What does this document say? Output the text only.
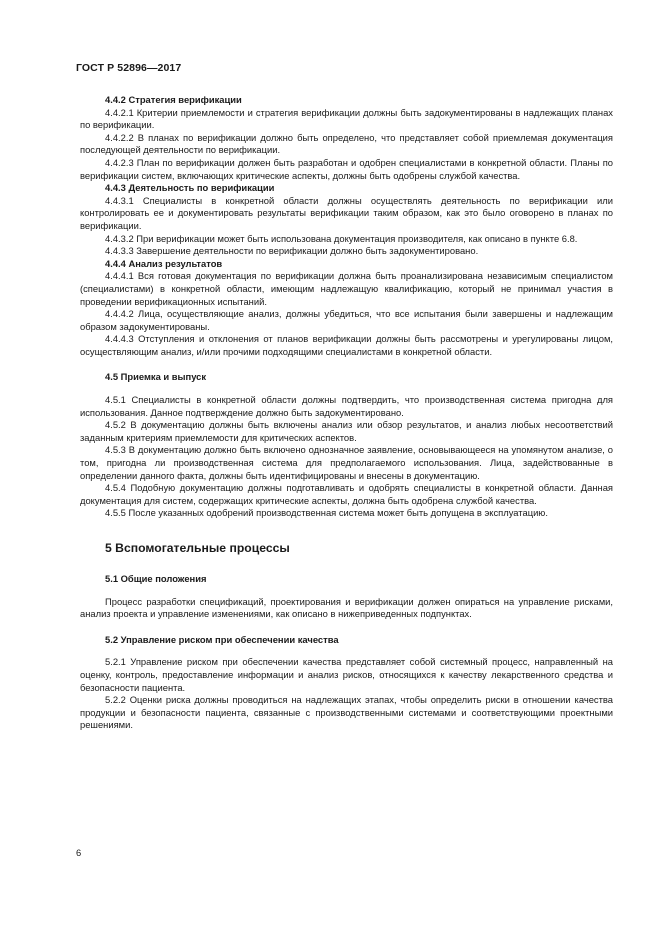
ГОСТ Р 52896—2017
4.4.2 Стратегия верификации
4.4.2.1 Критерии приемлемости и стратегия верификации должны быть задокументированы в надлежащих планах по верификации.
4.4.2.2 В планах по верификации должно быть определено, что представляет собой приемлемая документация последующей деятельности по верификации.
4.4.2.3 План по верификации должен быть разработан и одобрен специалистами в конкретной области. Планы по верификации систем, включающих критические аспекты, должны быть одобрены службой качества.
4.4.3 Деятельность по верификации
4.4.3.1 Специалисты в конкретной области должны осуществлять деятельность по верификации или контролировать ее и документировать результаты верификации таким образом, как это было оговорено в планах по верификации.
4.4.3.2 При верификации может быть использована документация производителя, как описано в пункте 6.8.
4.4.3.3 Завершение деятельности по верификации должно быть задокументировано.
4.4.4 Анализ результатов
4.4.4.1 Вся готовая документация по верификации должна быть проанализирована независимым специалистом (специалистами) в конкретной области, имеющим надлежащую квалификацию, который не принимал участия в проведении верификационных испытаний.
4.4.4.2 Лица, осуществляющие анализ, должны убедиться, что все испытания были завершены и надлежащим образом задокументированы.
4.4.4.3 Отступления и отклонения от планов верификации должны быть рассмотрены и урегулированы лицом, осуществляющим анализ, и/или прочими подходящими специалистами в конкретной области.
4.5 Приемка и выпуск
4.5.1 Специалисты в конкретной области должны подтвердить, что производственная система пригодна для использования. Данное подтверждение должно быть задокументировано.
4.5.2 В документацию должны быть включены анализ или обзор результатов, и анализ любых несоответствий заданным критериям приемлемости для критических аспектов.
4.5.3 В документацию должно быть включено однозначное заявление, основывающееся на упомянутом анализе, о том, пригодна ли производственная система для предполагаемого использования. Лица, задействованные в определении данного факта, должны быть идентифицированы и внесены в документацию.
4.5.4 Подобную документацию должны подготавливать и одобрять специалисты в конкретной области. Данная документация для систем, содержащих критические аспекты, должна быть одобрена службой качества.
4.5.5 После указанных одобрений производственная система может быть допущена в эксплуатацию.
5 Вспомогательные процессы
5.1 Общие положения
Процесс разработки спецификаций, проектирования и верификации должен опираться на управление рисками, анализ проекта и управление изменениями, как описано в нижеприведенных подпунктах.
5.2 Управление риском при обеспечении качества
5.2.1 Управление риском при обеспечении качества представляет собой системный процесс, направленный на оценку, контроль, предоставление информации и анализ рисков, относящихся к качеству лекарственного средства и безопасности пациента.
5.2.2 Оценки риска должны проводиться на надлежащих этапах, чтобы определить риски в отношении качества продукции и безопасности пациента, связанные с производственными системами и соответствующими проектными решениями.
6
